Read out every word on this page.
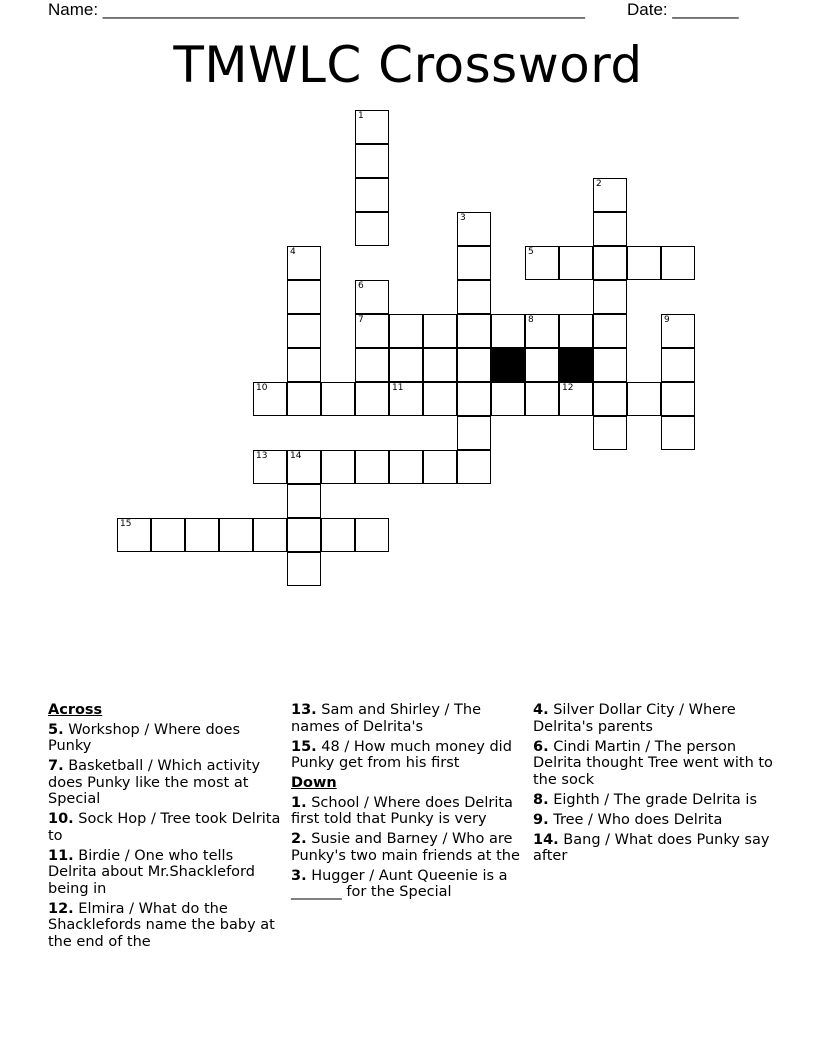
Name: ___________________________________________________ Date: _______
TMWLC Crossword
1
2
3
4	5
6
7	8	9
10	11	12
13	14
15
Across
5. Workshop / Where does Punky
7. Basketball / Which activity does Punky like the most at Special
10. Sock Hop / Tree took Delrita to
11. Birdie / One who tells Delrita about Mr.Shackleford being in
12. Elmira / What do the Shacklefords name the baby at the end of the
13. Sam and Shirley / The names of Delrita's
15. 48 / How much money did Punky get from his first
Down
1. School / Where does Delrita first told that Punky is very
2. Susie and Barney / Who are Punky's two main friends at the
3. Hugger / Aunt Queenie is a _______ for the Special
4. Silver Dollar City / Where Delrita's parents
6. Cindi Martin / The person Delrita thought Tree went with to the sock
8. Eighth / The grade Delrita is
9. Tree / Who does Delrita
14. Bang / What does Punky say after
